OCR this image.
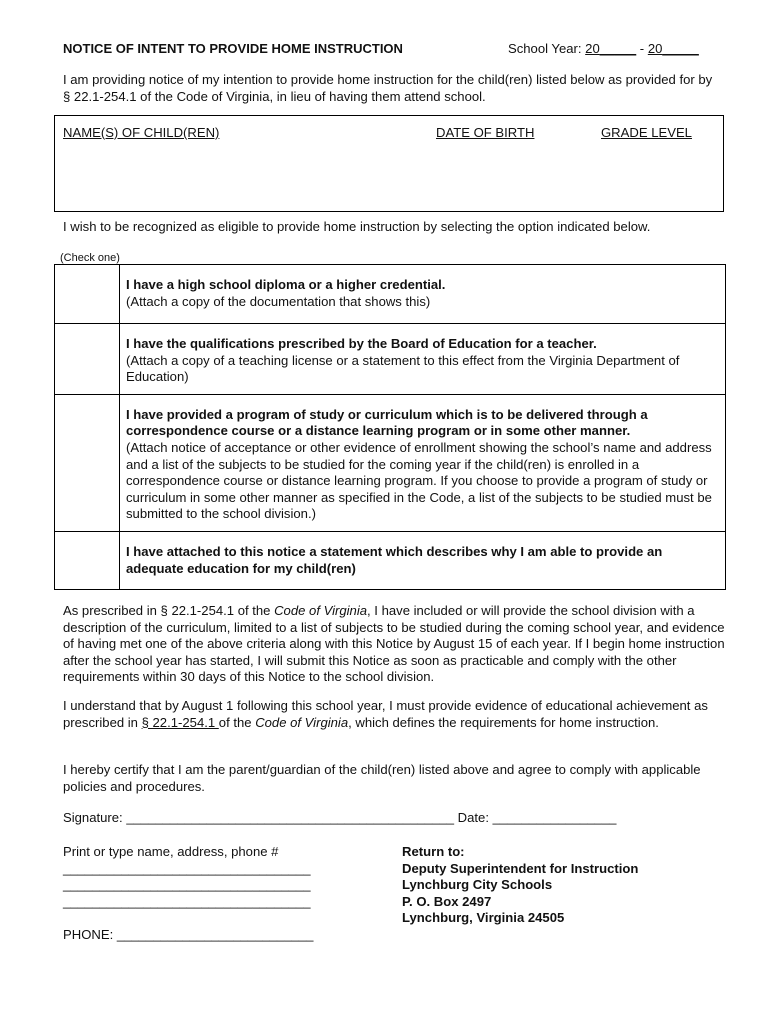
NOTICE OF INTENT TO PROVIDE HOME INSTRUCTION	School Year: 20_____ - 20_____
I am providing notice of my intention to provide home instruction for the child(ren) listed below as provided for by § 22.1-254.1 of the Code of Virginia, in lieu of having them attend school.
NAME(S) OF CHILD(REN)	DATE OF BIRTH	GRADE LEVEL
I wish to be recognized as eligible to provide home instruction by selecting the option indicated below.
(Check one)

	I have a high school diploma or a higher credential.
(Attach a copy of the documentation that shows this)

	I have the qualifications prescribed by the Board of Education for a teacher.
(Attach a copy of a teaching license or a statement to this effect from the Virginia Department of Education)

	I have provided a program of study or curriculum which is to be delivered through a correspondence course or a distance learning program or in some other manner.
(Attach notice of acceptance or other evidence of enrollment showing the school’s name and address and a list of the subjects to be studied for the coming year if the child(ren) is enrolled in a correspondence course or distance learning program. If you choose to provide a program of study or curriculum in some other manner as specified in the Code, a list of the subjects to be studied must be submitted to the school division.)

	I have attached to this notice a statement which describes why I am able to provide an adequate education for my child(ren)
As prescribed in § 22.1-254.1 of the Code of Virginia, I have included or will provide the school division with a description of the curriculum, limited to a list of subjects to be studied during the coming school year, and evidence of having met one of the above criteria along with this Notice by August 15 of each year. If I begin home instruction after the school year has started, I will submit this Notice as soon as practicable and comply with the other requirements within 30 days of this Notice to the school division.
I understand that by August 1 following this school year, I must provide evidence of educational achievement as prescribed in § 22.1-254.1 of the Code of Virginia, which defines the requirements for home instruction.
I hereby certify that I am the parent/guardian of the child(ren) listed above and agree to comply with applicable policies and procedures.
Signature: _____________________________________________ Date: _________________
Print or type name, address, phone #
__________________________________
__________________________________
__________________________________
PHONE: ___________________________
Return to:
Deputy Superintendent for Instruction
Lynchburg City Schools
P. O. Box 2497
Lynchburg, Virginia 24505
